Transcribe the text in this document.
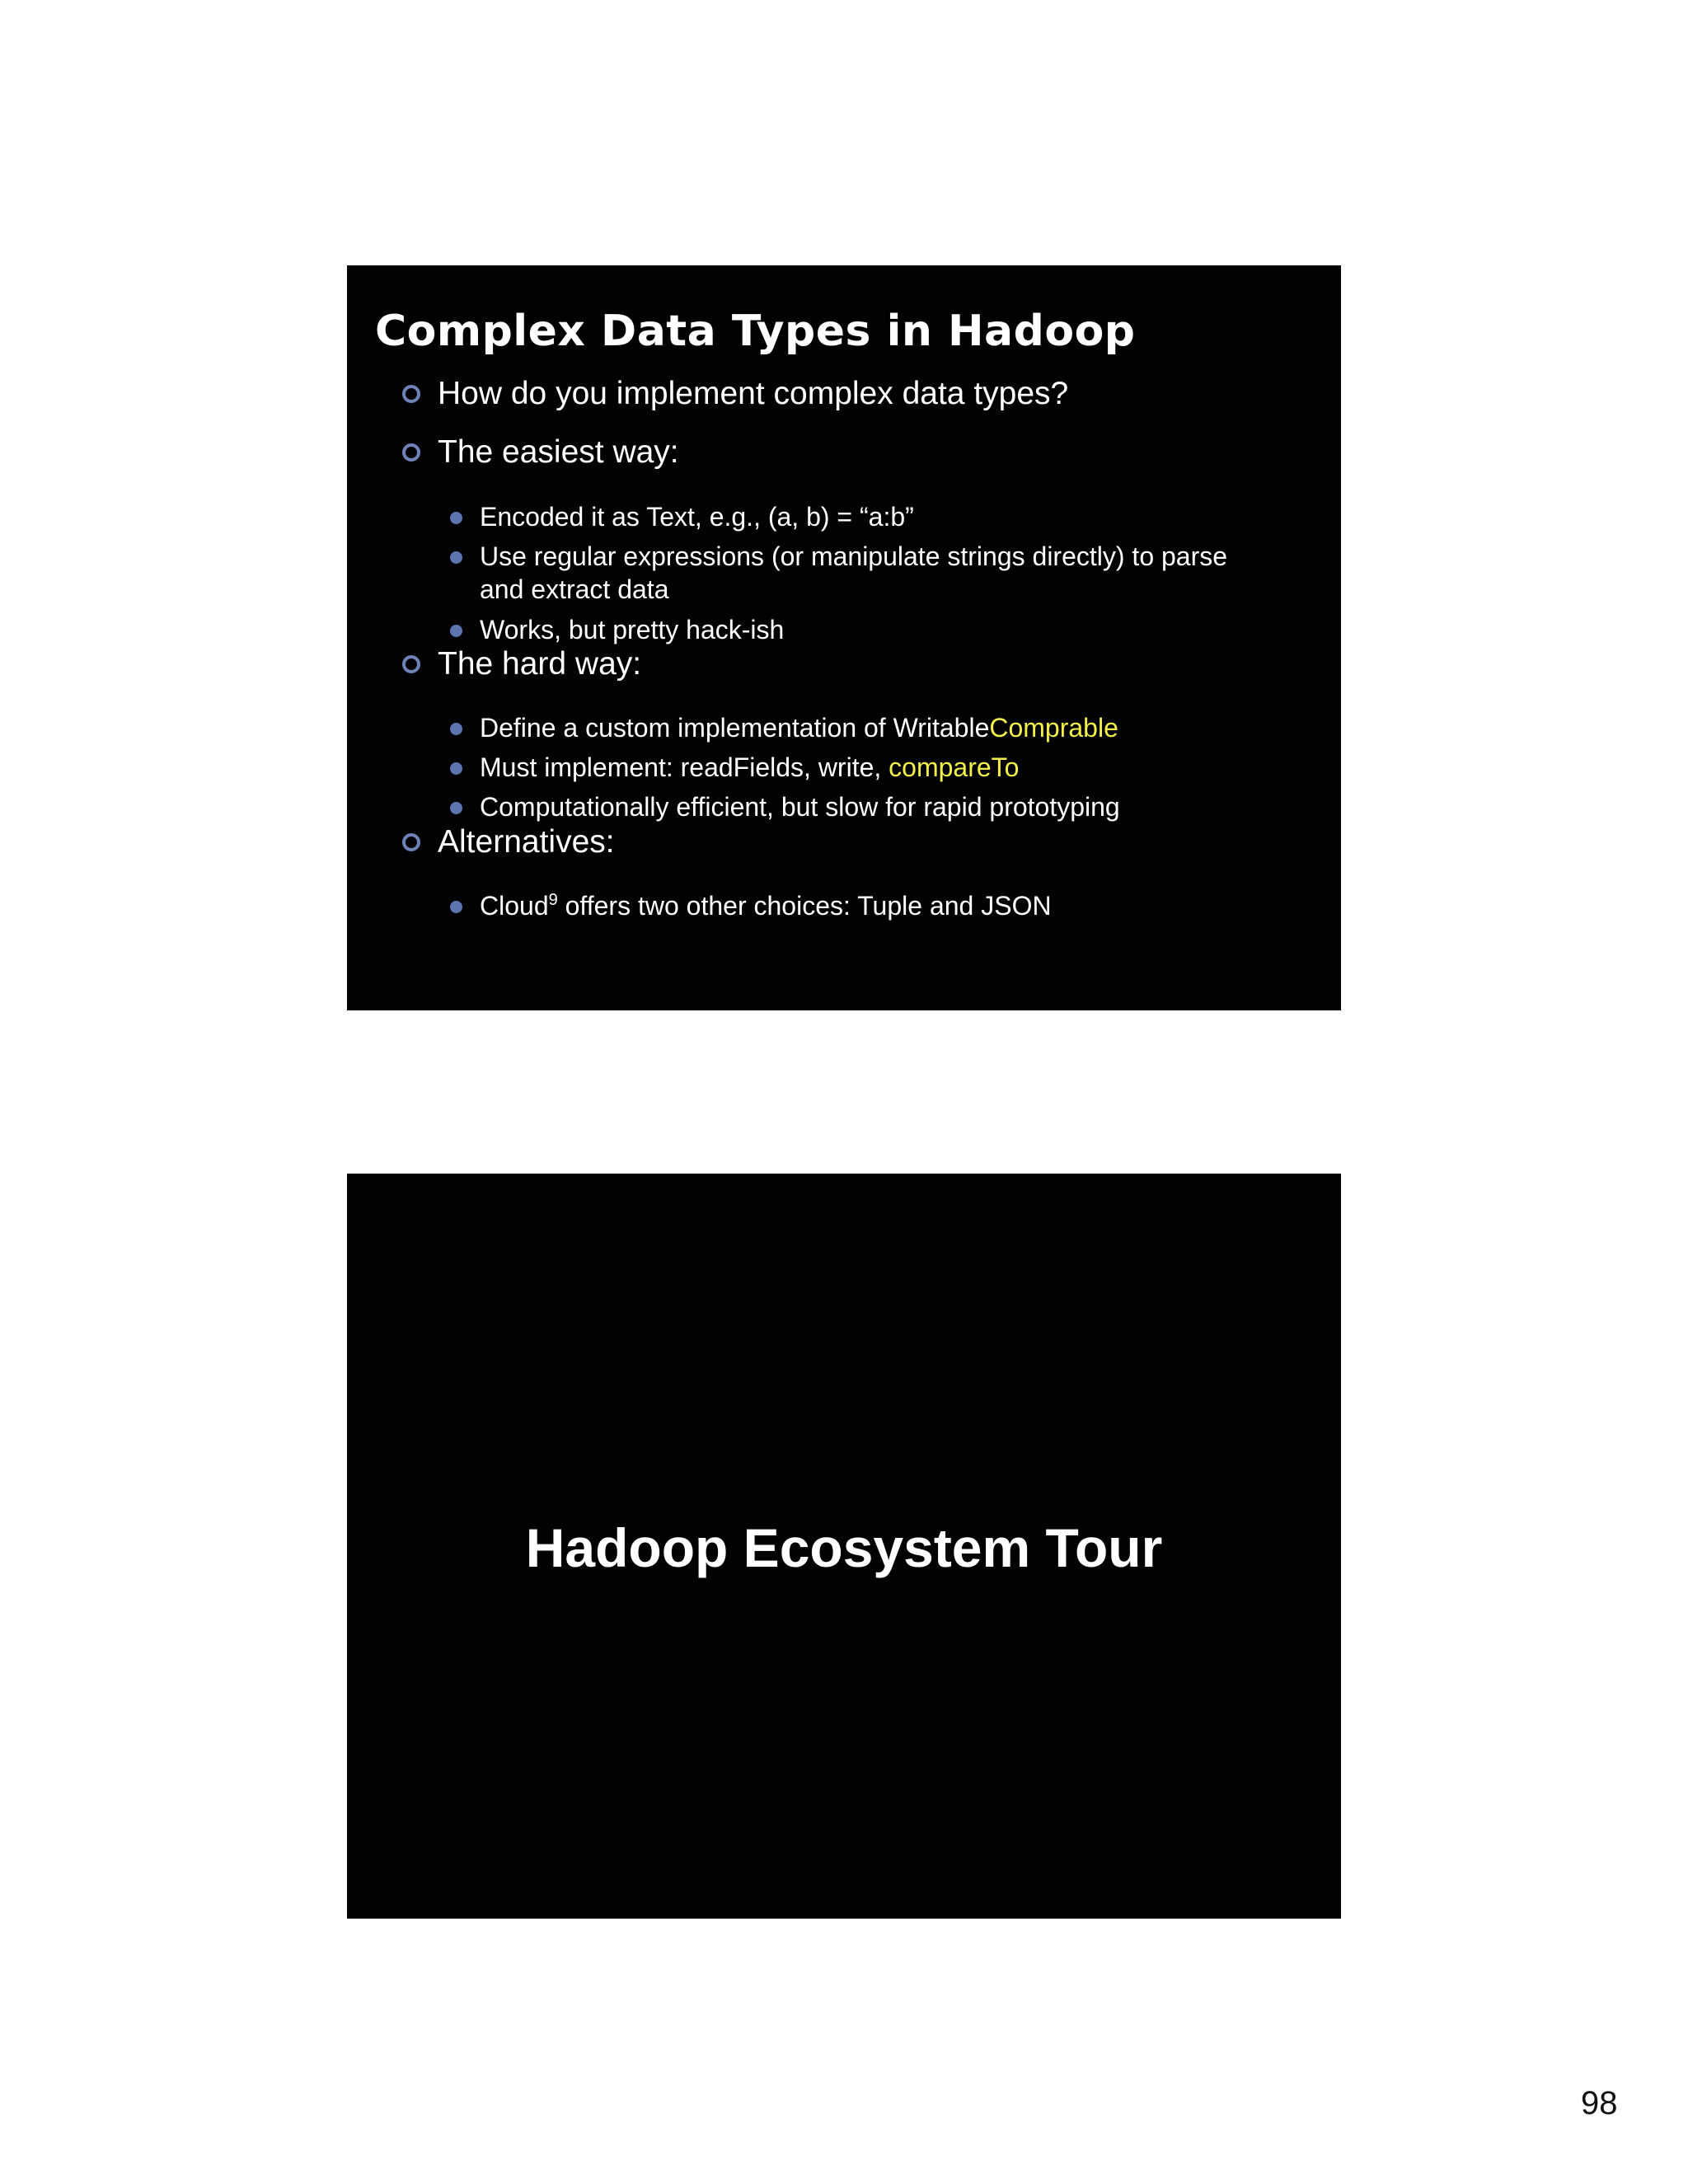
Complex Data Types in Hadoop
How do you implement complex data types?
The easiest way:
Encoded it as Text, e.g., (a, b) = “a:b”
Use regular expressions (or manipulate strings directly) to parse
and extract data
Works, but pretty hack-ish
The hard way:
Define a custom implementation of WritableComprable
Must implement: readFields, write, compareTo
Computationally efficient, but slow for rapid prototyping
Alternatives:
Cloud$^9$ offers two other choices: Tuple and JSON
Hadoop Ecosystem Tour
98
